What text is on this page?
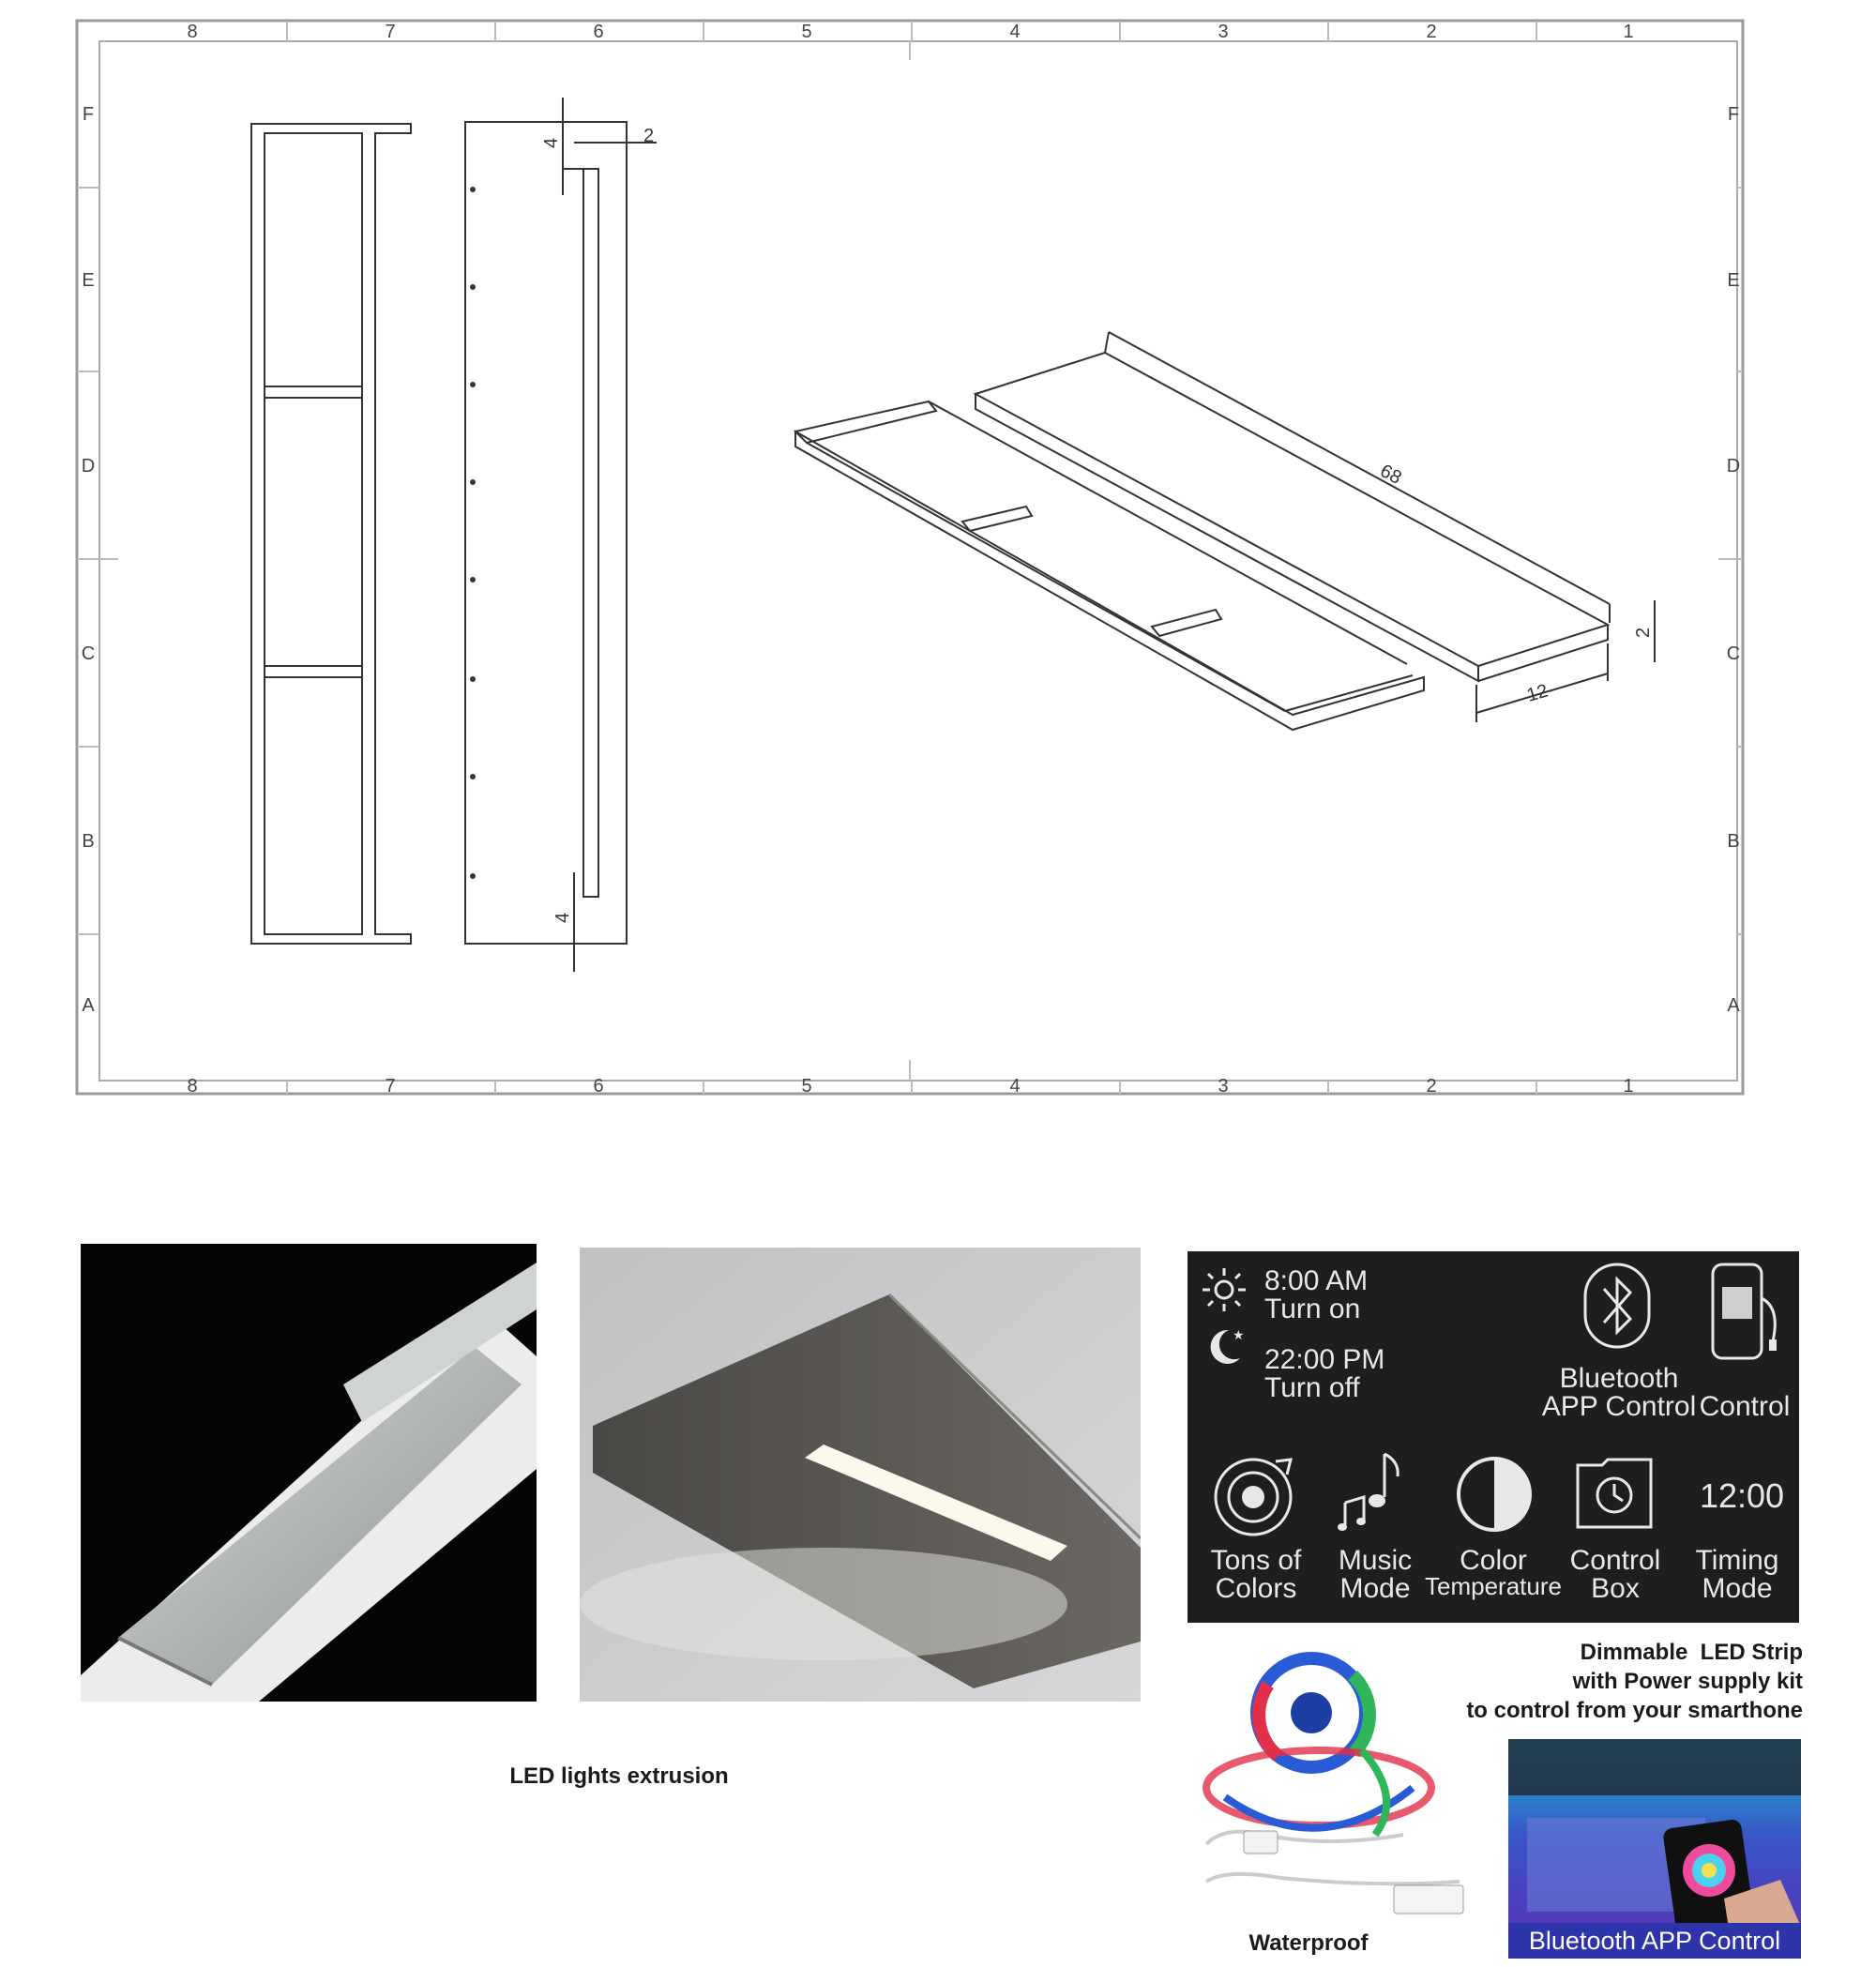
8	7	6	5	4	3	2	1
8	7	6	5	4	3	2	1
F
E
D
C
B
A
F
E
D
C
B
A
4	2
4
68
2
12
★
8:00 AM
Turn on
22:00 PM
Turn off	Bluetooth
APP Control Control
12:00
Tons of
Colors
Music
Mode
Color
Temperature
Control
Box
Timing
Mode
Dimmable  LED Strip
with Power supply kit
to control from your smarthone
Waterproof	Bluetooth APP Control
LED lights extrusion
